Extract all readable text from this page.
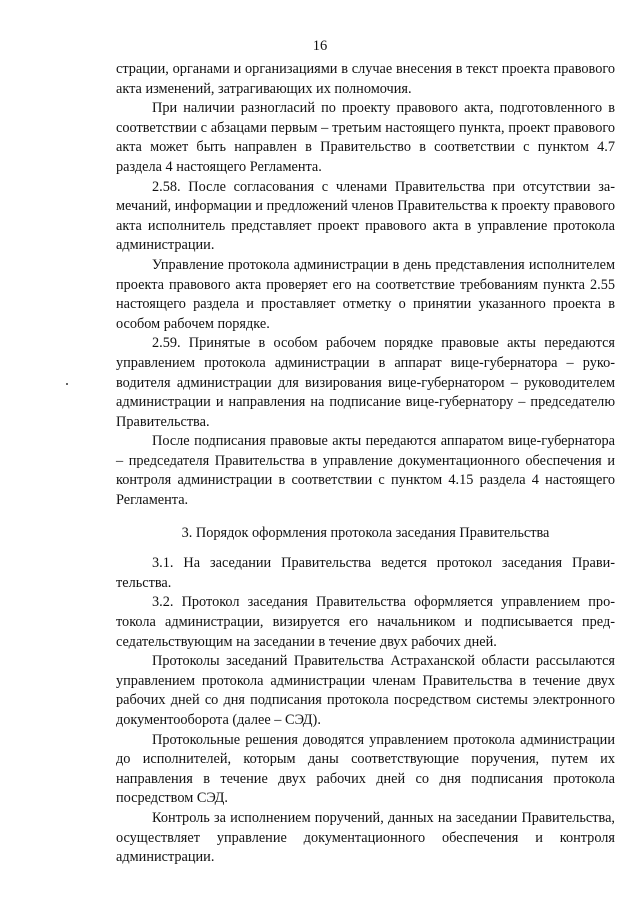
16

страции, органами и организациями в случае внесения в текст проекта правового акта изменений, затрагивающих их полномочия.

При наличии разногласий по проекту правового акта, подготовленного в соответствии с абзацами первым – третьим настоящего пункта, проект правового акта может быть направлен в Правительство в соответствии с пунктом 4.7 раздела 4 настоящего Регламента.

2.58. После согласования с членами Правительства при отсутствии замечаний, информации и предложений членов Правительства к проекту правового акта исполнитель представляет проект правового акта в управление протокола администрации.

Управление протокола администрации в день представления исполнителем проекта правового акта проверяет его на соответствие требованиям пункта 2.55 настоящего раздела и проставляет отметку о принятии указанного проекта в особом рабочем порядке.

2.59. Принятые в особом рабочем порядке правовые акты передаются управлением протокола администрации в аппарат вице-губернатора – руководителя администрации для визирования вице-губернатором – руководителем администрации и направления на подписание вице-губернатору – председателю Правительства.

После подписания правовые акты передаются аппаратом вице-губернатора – председателя Правительства в управление документационного обеспечения и контроля администрации в соответствии с пунктом 4.15 раздела 4 настоящего Регламента.

3. Порядок оформления протокола заседания Правительства

3.1. На заседании Правительства ведется протокол заседания Правительства.

3.2. Протокол заседания Правительства оформляется управлением протокола администрации, визируется его начальником и подписывается председательствующим на заседании в течение двух рабочих дней.

Протоколы заседаний Правительства Астраханской области рассылаются управлением протокола администрации членам Правительства в течение двух рабочих дней со дня подписания протокола посредством системы электронного документооборота (далее – СЭД).

Протокольные решения доводятся управлением протокола администрации до исполнителей, которым даны соответствующие поручения, путем их направления в течение двух рабочих дней со дня подписания протокола посредством СЭД.

Контроль за исполнением поручений, данных на заседании Правительства, осуществляет управление документационного обеспечения и контроля администрации.
